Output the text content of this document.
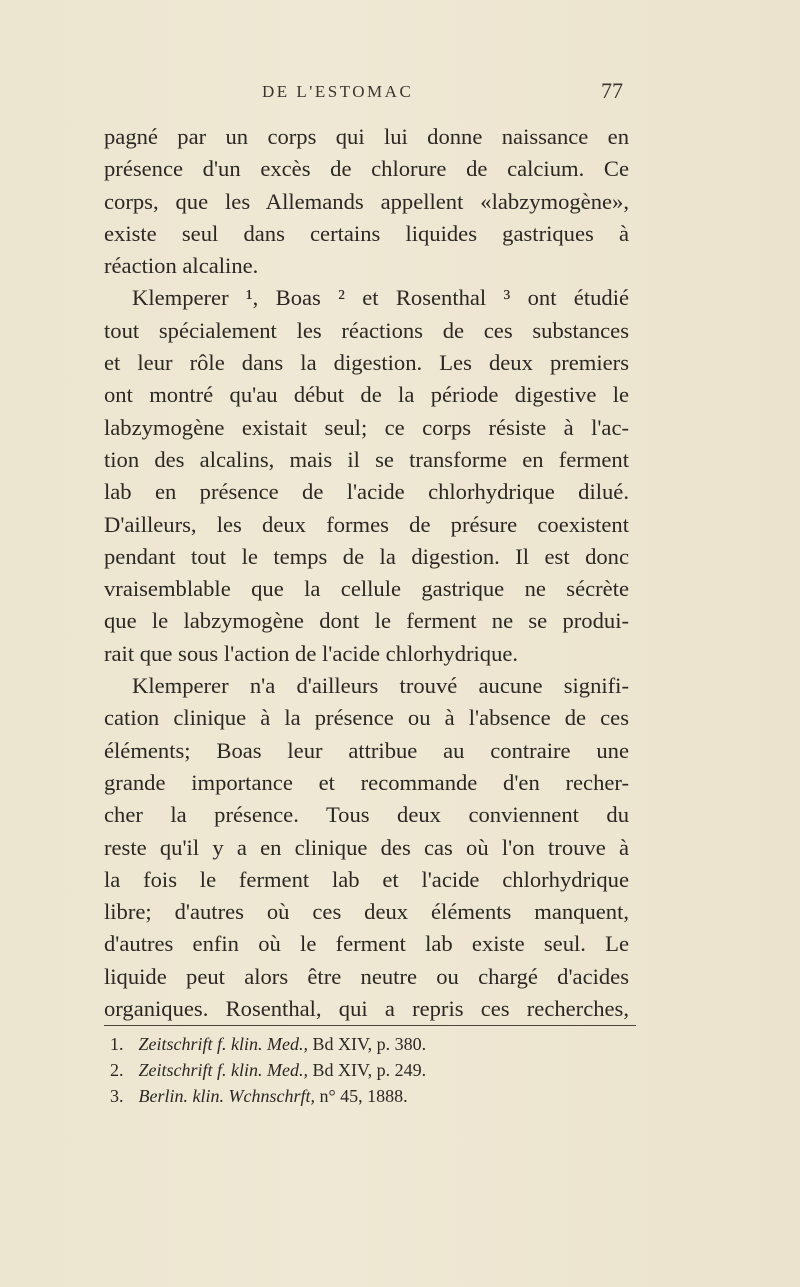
DE L'ESTOMAC	77
pagné par un corps qui lui donne naissance en
présence d'un excès de chlorure de calcium. Ce
corps, que les Allemands appellent «labzymogène»,
existe seul dans certains liquides gastriques à
réaction alcaline.
Klemperer ¹, Boas ² et Rosenthal ³ ont étudié
tout spécialement les réactions de ces substances
et leur rôle dans la digestion. Les deux premiers
ont montré qu'au début de la période digestive le
labzymogène existait seul; ce corps résiste à l'ac-
tion des alcalins, mais il se transforme en ferment
lab en présence de l'acide chlorhydrique dilué.
D'ailleurs, les deux formes de présure coexistent
pendant tout le temps de la digestion. Il est donc
vraisemblable que la cellule gastrique ne sécrète
que le labzymogène dont le ferment ne se produi-
rait que sous l'action de l'acide chlorhydrique.
Klemperer n'a d'ailleurs trouvé aucune signifi-
cation clinique à la présence ou à l'absence de ces
éléments; Boas leur attribue au contraire une
grande importance et recommande d'en recher-
cher la présence. Tous deux conviennent du
reste qu'il y a en clinique des cas où l'on trouve à
la fois le ferment lab et l'acide chlorhydrique
libre; d'autres où ces deux éléments manquent,
d'autres enfin où le ferment lab existe seul. Le
liquide peut alors être neutre ou chargé d'acides
organiques. Rosenthal, qui a repris ces recherches,
1. Zeitschrift f. klin. Med., Bd XIV, p. 380.
2. Zeitschrift f. klin. Med., Bd XIV, p. 249.
3. Berlin. klin. Wchnschrft, n° 45, 1888.
